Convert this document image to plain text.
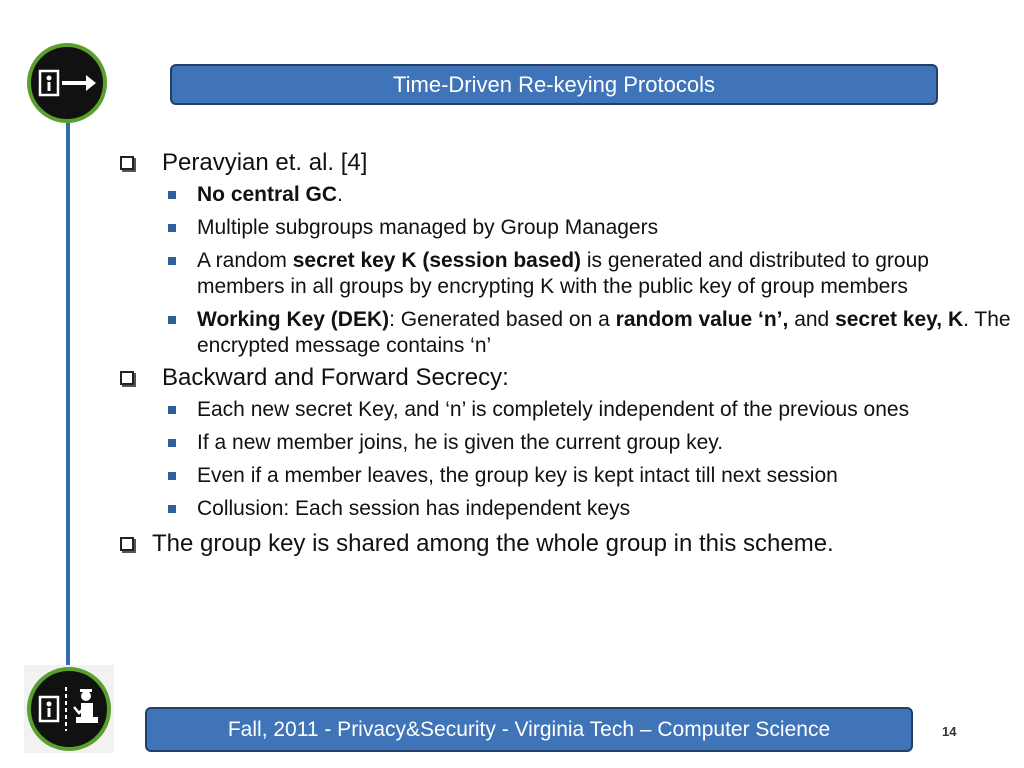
Time-Driven Re-keying Protocols
Peravyian et. al. [4]
No central GC.
Multiple subgroups managed by Group Managers
A random secret key K (session based) is generated and distributed to group members in all groups by encrypting K with the public key of group members
Working Key (DEK): Generated based on a random value ‘n’, and secret key, K. The encrypted message contains ‘n’
Backward and Forward Secrecy:
Each new secret Key, and ‘n’ is completely independent of the previous ones
If a new member joins, he is given the current group key.
Even if a member leaves, the group key is kept intact till next session
Collusion: Each session has independent keys
The group key is shared among the whole group in this scheme.
Fall, 2011 - Privacy&Security - Virginia Tech – Computer Science	14
